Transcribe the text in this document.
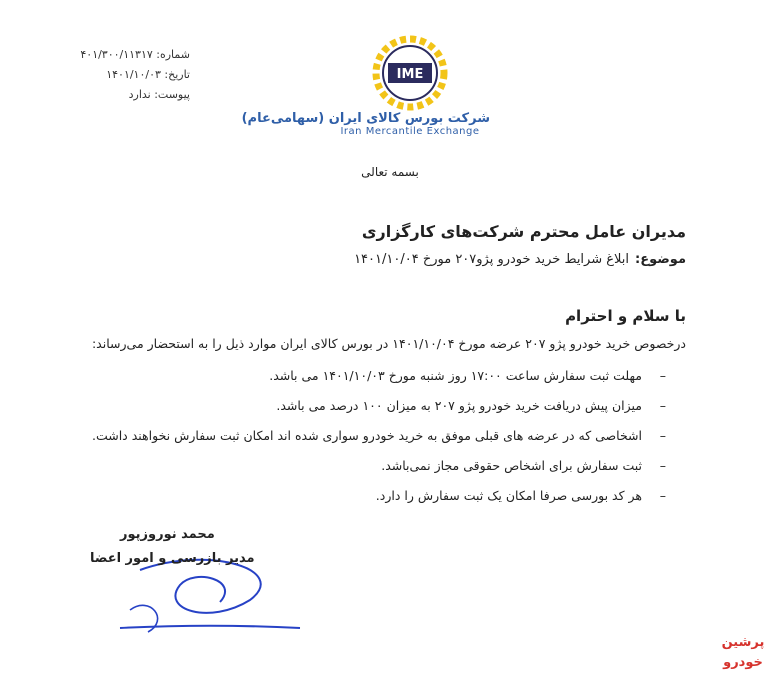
شماره: ۴۰۱/۳۰۰/۱۱۳۱۷
تاریخ: ۱۴۰۱/۱۰/۰۳
پیوست: ندارد
IME
شرکت بورس کالای ایران (سهامی‌عام)
Iran Mercantile Exchange
بسمه تعالی
مدیران عامل محترم شرکت‌های کارگزاری
موضوع:ابلاغ شرایط خرید خودرو پژو۲۰۷ مورخ ۱۴۰۱/۱۰/۰۴
با سلام و احترام
درخصوص خرید خودرو پژو ۲۰۷ عرضه مورخ ۱۴۰۱/۱۰/۰۴ در بورس کالای ایران موارد ذیل را به استحضار می‌رساند:
–مهلت ثبت سفارش ساعت ۱۷:۰۰ روز شنبه مورخ ۱۴۰۱/۱۰/۰۳ می باشد.
–میزان پیش دریافت خرید خودرو پژو ۲۰۷ به میزان ۱۰۰ درصد می باشد.
–اشخاصی که در عرضه های قبلی موفق به خرید خودرو سواری شده اند امکان ثبت سفارش نخواهند داشت.
–ثبت سفارش برای اشخاص حقوقی مجاز نمی‌باشد.
–هر کد بورسی صرفا امکان یک ثبت سفارش را دارد.
محمد نوروزپور
مدیر بازرسی و امور اعضا
پرشین
خودرو
